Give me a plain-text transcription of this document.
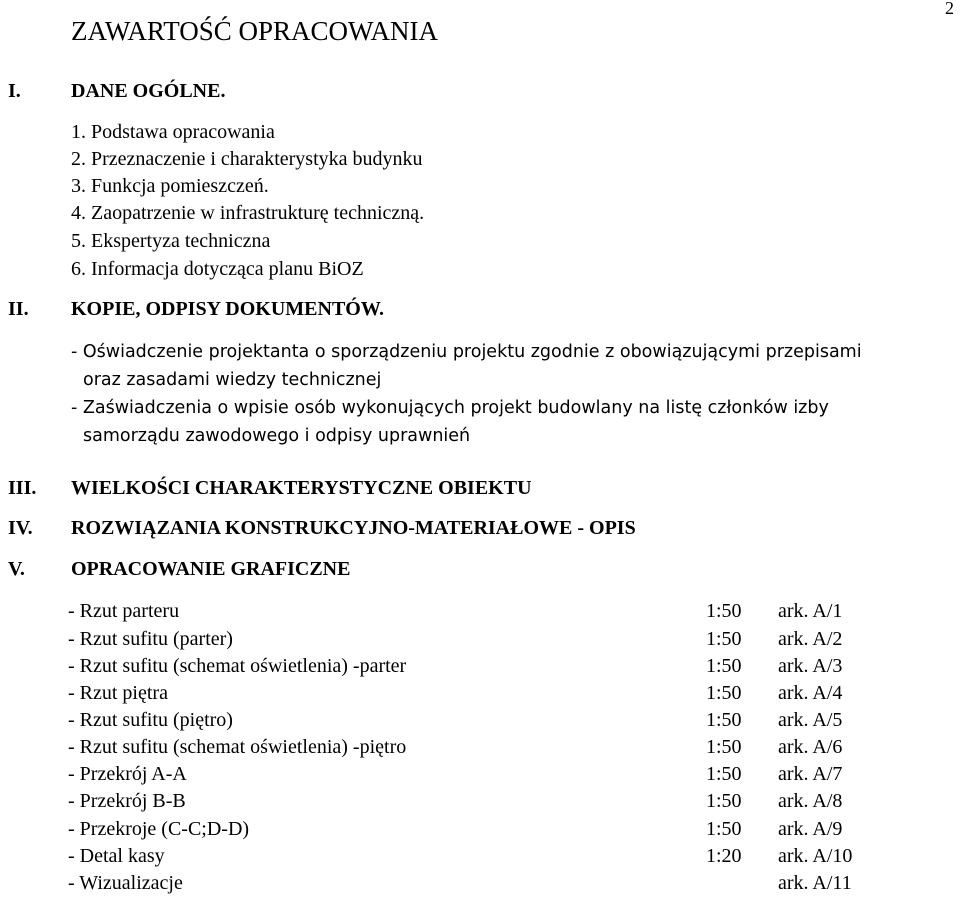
2
ZAWARTOŚĆ OPRACOWANIA
I.	DANE OGÓLNE.
1. Podstawa opracowania
2. Przeznaczenie i charakterystyka budynku
3. Funkcja pomieszczeń.
4. Zaopatrzenie w infrastrukturę techniczną.
5. Ekspertyza techniczna
6. Informacja dotycząca planu BiOZ
II. KOPIE, ODPISY DOKUMENTÓW.
- Oświadczenie projektanta o sporządzeniu projektu zgodnie z obowiązującymi przepisami
oraz zasadami wiedzy technicznej
- Zaświadczenia o wpisie osób wykonujących projekt budowlany na listę członków izby
samorządu zawodowego i odpisy uprawnień
III. WIELKOŚCI CHARAKTERYSTYCZNE OBIEKTU
IV. ROZWIĄZANIA KONSTRUKCYJNO-MATERIAŁOWE - OPIS
V. OPRACOWANIE GRAFICZNE
- Rzut parteru	1:50 ark. A/1
- Rzut sufitu (parter)	1:50 ark. A/2
- Rzut sufitu (schemat oświetlenia) -parter	1:50 ark. A/3
- Rzut piętra	1:50 ark. A/4
- Rzut sufitu (piętro)	1:50 ark. A/5
- Rzut sufitu (schemat oświetlenia) -piętro	1:50 ark. A/6
- Przekrój A-A	1:50 ark. A/7
- Przekrój B-B	1:50 ark. A/8
- Przekroje (C-C;D-D)	1:50 ark. A/9
- Detal kasy	1:20 ark. A/10
- Wizualizacje	ark. A/11
